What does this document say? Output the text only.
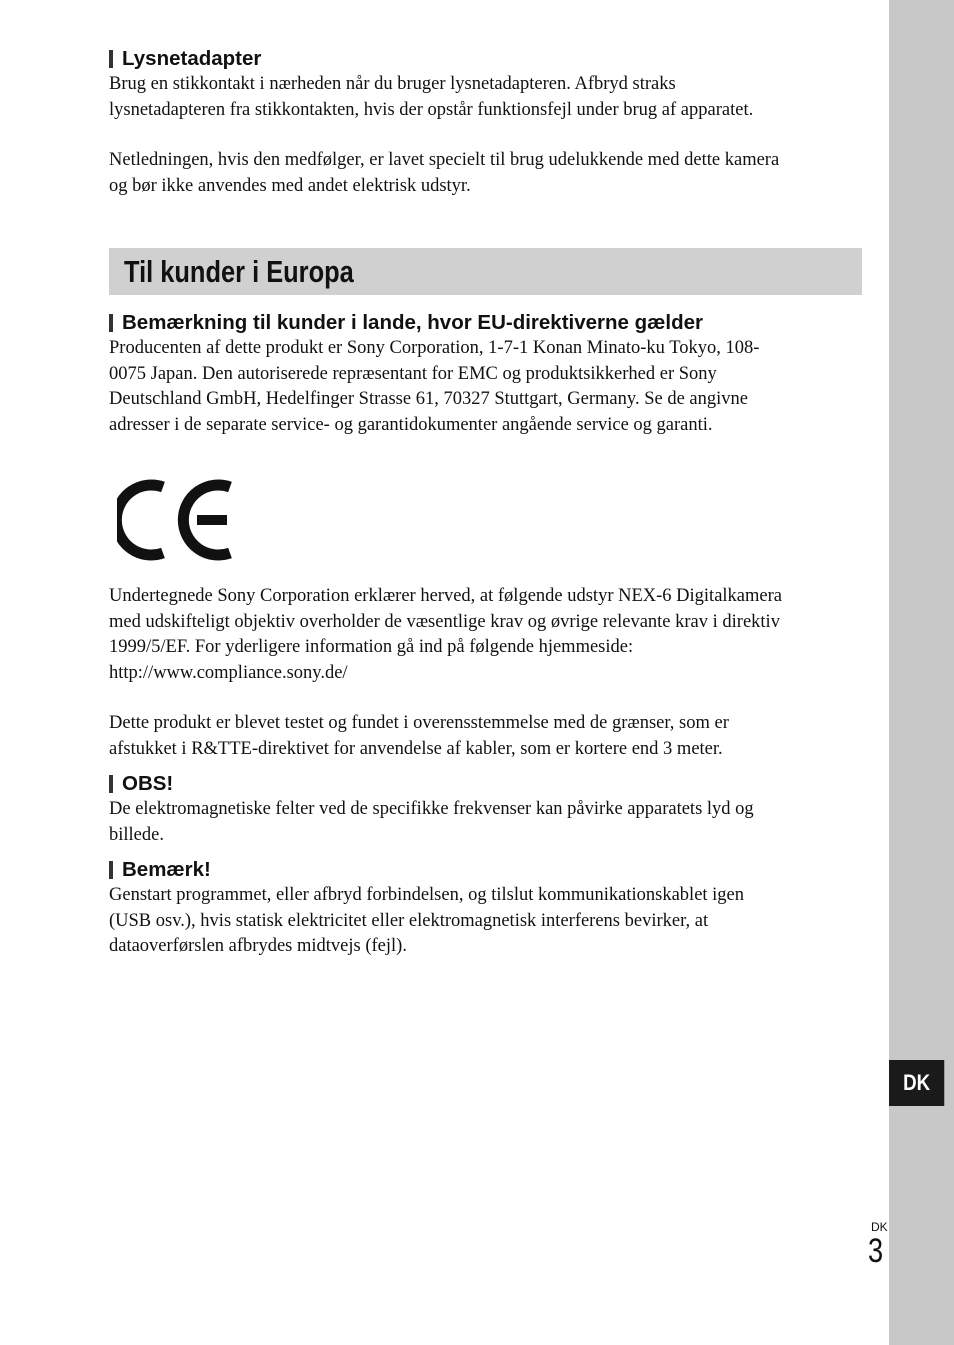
DK
DK
3
Lysnetadapter

Brug en stikkontakt i nærheden når du bruger lysnetadapteren. Afbryd straks
lysnetadapteren fra stikkontakten, hvis der opstår funktionsfejl under brug af apparatet.

Netledningen, hvis den medfølger, er lavet specielt til brug udelukkende med dette kamera
og bør ikke anvendes med andet elektrisk udstyr.

Til kunder i Europa
Bemærkning til kunder i lande, hvor EU-direktiverne gælder

Producenten af dette produkt er Sony Corporation, 1-7-1 Konan Minato-ku Tokyo, 108-
0075 Japan. Den autoriserede repræsentant for EMC og produktsikkerhed er Sony
Deutschland GmbH, Hedelfinger Strasse 61, 70327 Stuttgart, Germany. Se de angivne
adresser i de separate service- og garantidokumenter angående service og garanti.

Undertegnede Sony Corporation erklærer herved, at følgende udstyr NEX-6 Digitalkamera
med udskifteligt objektiv overholder de væsentlige krav og øvrige relevante krav i direktiv
1999/5/EF. For yderligere information gå ind på følgende hjemmeside:
http://www.compliance.sony.de/

Dette produkt er blevet testet og fundet i overensstemmelse med de grænser, som er
afstukket i R&TTE-direktivet for anvendelse af kabler, som er kortere end 3 meter.

OBS!

De elektromagnetiske felter ved de specifikke frekvenser kan påvirke apparatets lyd og
billede.

Bemærk!

Genstart programmet, eller afbryd forbindelsen, og tilslut kommunikationskablet igen
(USB osv.), hvis statisk elektricitet eller elektromagnetisk interferens bevirker, at
dataoverførslen afbrydes midtvejs (fejl).
